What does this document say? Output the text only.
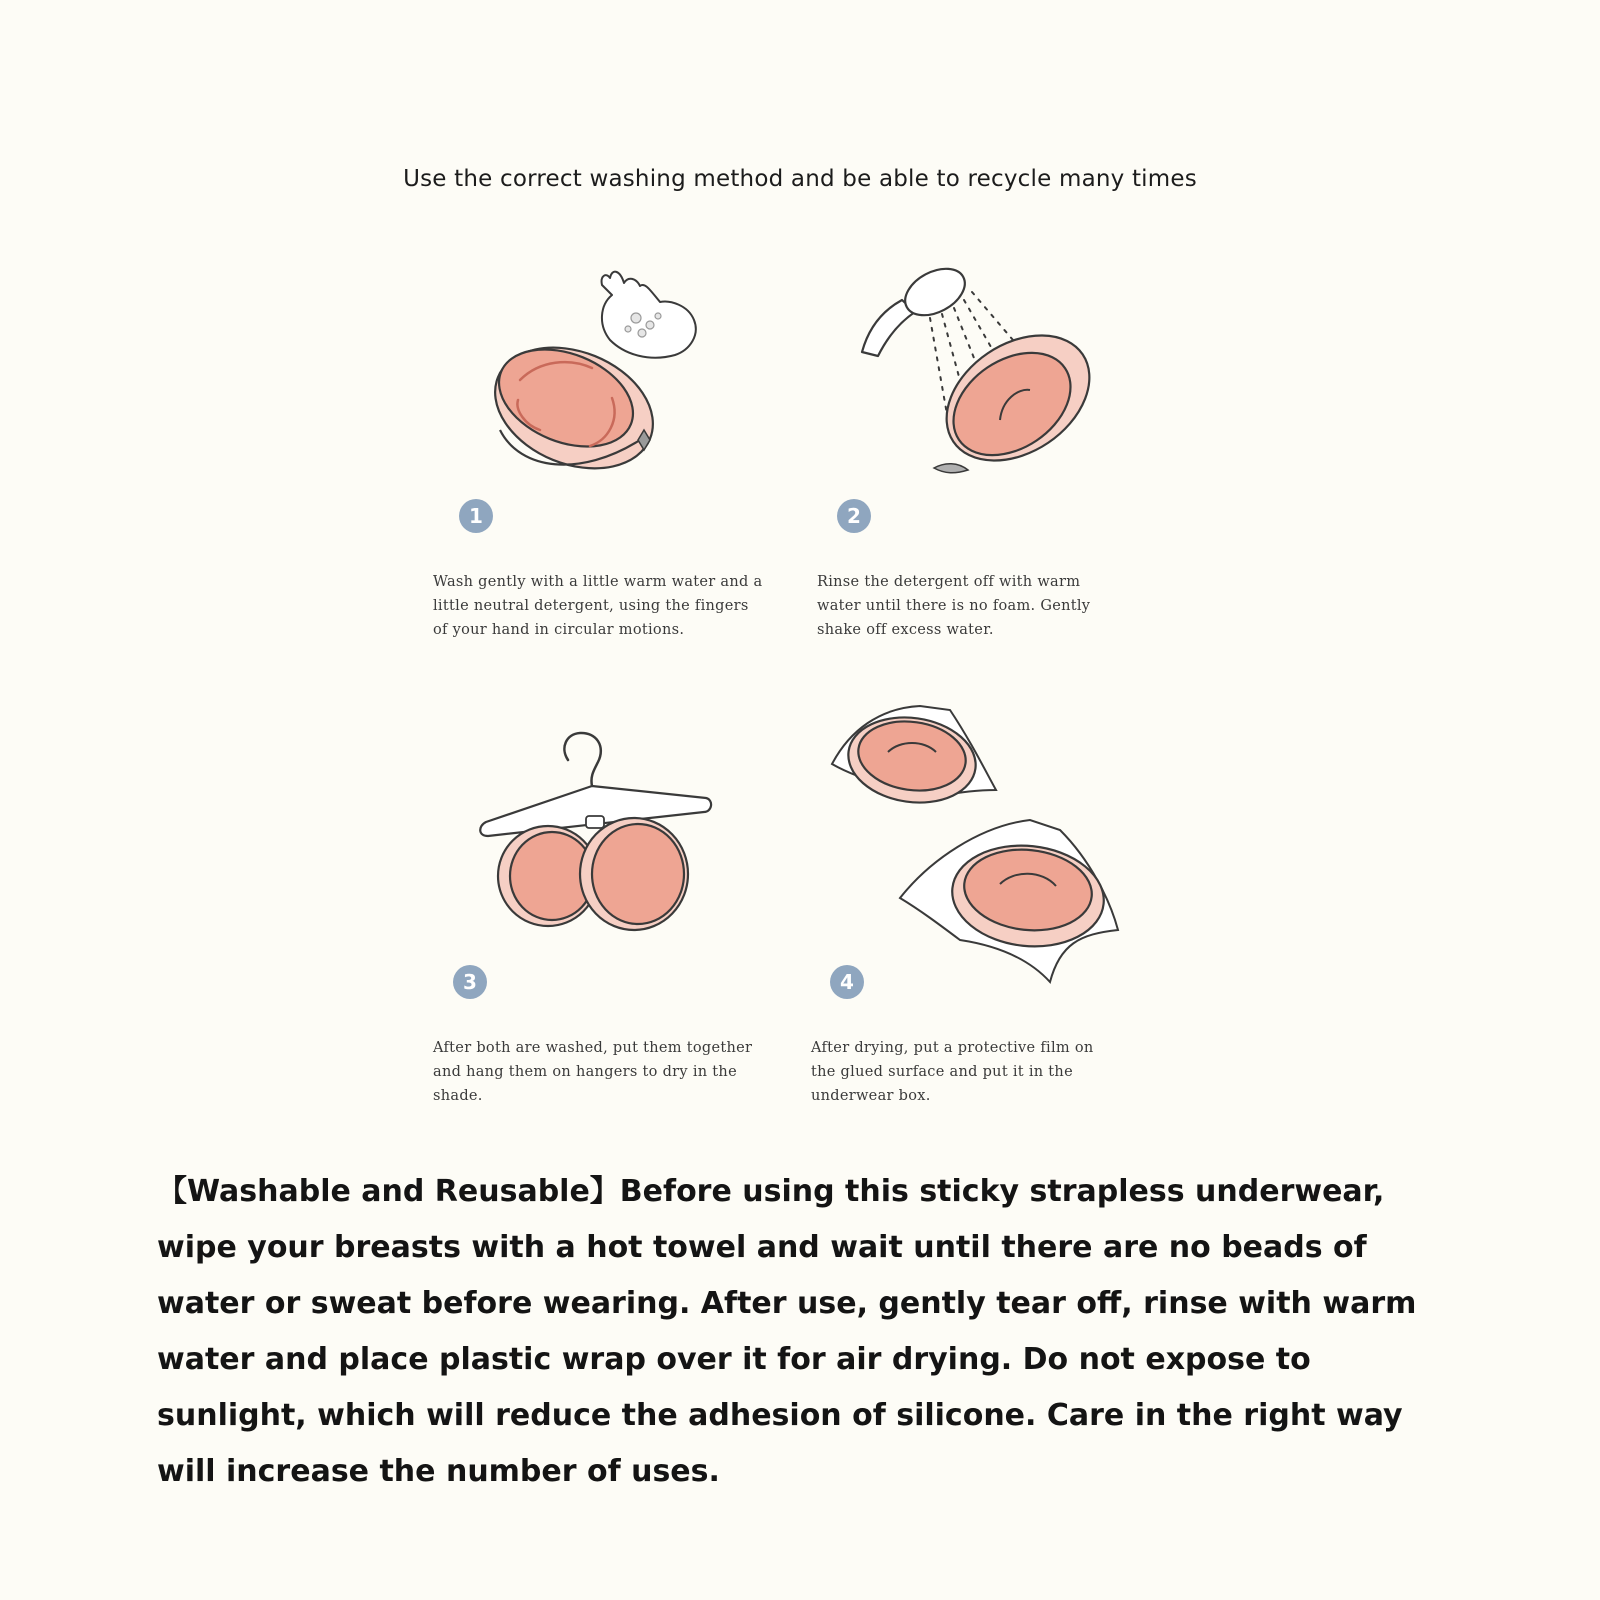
Use the correct washing method and be able to recycle many times
1
Wash gently with a little warm water and a little neutral detergent, using the fingers of your hand in circular motions.
2
Rinse the detergent off with warm water until there is no foam. Gently shake off excess water.
3
After both are washed, put them together and hang them on hangers to dry in the shade.
4
After drying, put a protective film on the glued surface and put it in the underwear box.
【Washable and Reusable】Before using this sticky strapless underwear, wipe your breasts with a hot towel and wait until there are no beads of water or sweat before wearing. After use, gently tear off, rinse with warm water and place plastic wrap over it for air drying. Do not expose to sunlight, which will reduce the adhesion of silicone. Care in the right way will increase the number of uses.
